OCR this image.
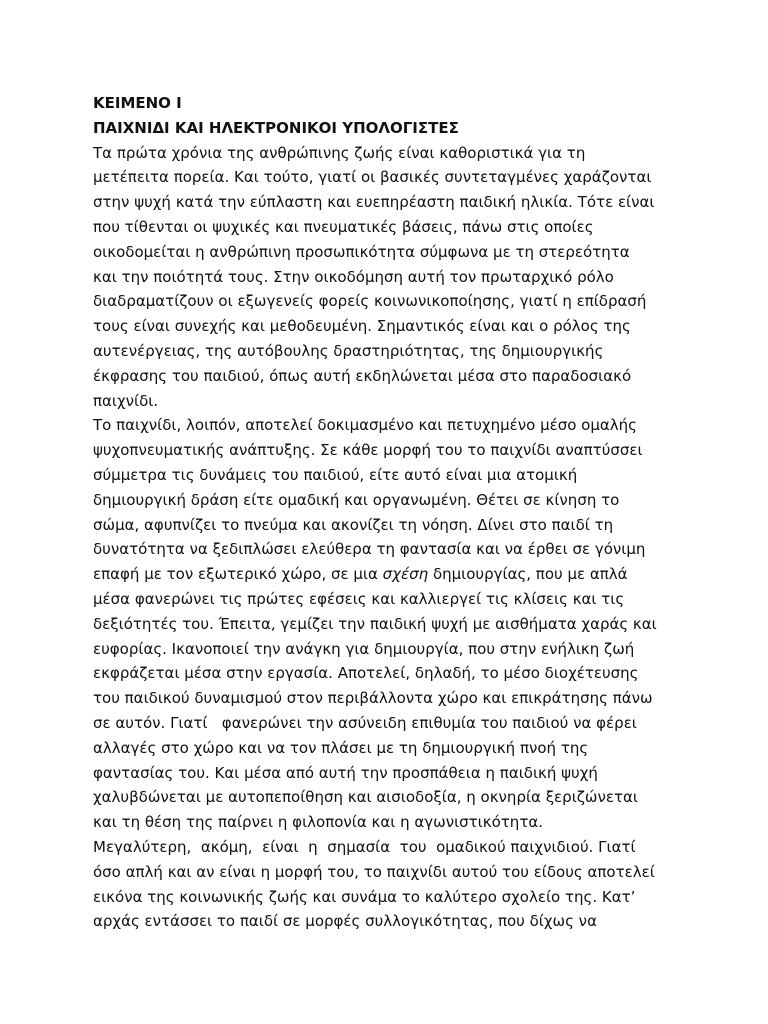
ΚΕΙΜΕΝΟ Ι
ΠΑΙΧΝΙΔΙ ΚΑΙ ΗΛΕΚΤΡΟΝΙΚΟΙ ΥΠΟΛΟΓΙΣΤΕΣ
Τα πρώτα χρόνια της ανθρώπινης ζωής είναι καθοριστικά για τη
μετέπειτα πορεία. Και τούτο, γιατί οι βασικές συντεταγμένες χαράζονται
στην ψυχή κατά την εύπλαστη και ευεπηρέαστη παιδική ηλικία. Τότε είναι
που τίθενται οι ψυχικές και πνευματικές βάσεις, πάνω στις οποίες
οικοδομείται η ανθρώπινη προσωπικότητα σύμφωνα με τη στερεότητα
και την ποιότητά τους. Στην οικοδόμηση αυτή τον πρωταρχικό ρόλο
διαδραματίζουν οι εξωγενείς φορείς κοινωνικοποίησης, γιατί η επίδρασή
τους είναι συνεχής και μεθοδευμένη. Σημαντικός είναι και ο ρόλος της
αυτενέργειας, της αυτόβουλης δραστηριότητας, της δημιουργικής
έκφρασης του παιδιού, όπως αυτή εκδηλώνεται μέσα στο παραδοσιακό
παιχνίδι.
Το παιχνίδι, λοιπόν, αποτελεί δοκιμασμένο και πετυχημένο μέσο ομαλής
ψυχοπνευματικής ανάπτυξης. Σε κάθε μορφή του το παιχνίδι αναπτύσσει
σύμμετρα τις δυνάμεις του παιδιού, είτε αυτό είναι μια ατομική
δημιουργική δράση είτε ομαδική και οργανωμένη. Θέτει σε κίνηση το
σώμα, αφυπνίζει το πνεύμα και ακονίζει τη νόηση. Δίνει στο παιδί τη
δυνατότητα να ξεδιπλώσει ελεύθερα τη φαντασία και να έρθει σε γόνιμη
επαφή με τον εξωτερικό χώρο, σε μια σχέση δημιουργίας, που με απλά
μέσα φανερώνει τις πρώτες εφέσεις και καλλιεργεί τις κλίσεις και τις
δεξιότητές του. Έπειτα, γεμίζει την παιδική ψυχή με αισθήματα χαράς και
ευφορίας. Ικανοποιεί την ανάγκη για δημιουργία, που στην ενήλικη ζωή
εκφράζεται μέσα στην εργασία. Αποτελεί, δηλαδή, το μέσο διοχέτευσης
του παιδικού δυναμισμού στον περιβάλλοντα χώρο και επικράτησης πάνω
σε αυτόν. Γιατί   φανερώνει την ασύνειδη επιθυμία του παιδιού να φέρει
αλλαγές στο χώρο και να τον πλάσει με τη δημιουργική πνοή της
φαντασίας του. Και μέσα από αυτή την προσπάθεια η παιδική ψυχή
χαλυβδώνεται με αυτοπεποίθηση και αισιοδοξία, η οκνηρία ξεριζώνεται
και τη θέση της παίρνει η φιλοπονία και η αγωνιστικότητα.
Μεγαλύτερη,  ακόμη,  είναι  η  σημασία  του  ομαδικού παιχνιδιού. Γιατί
όσο απλή και αν είναι η μορφή του, το παιχνίδι αυτού του είδους αποτελεί
εικόνα της κοινωνικής ζωής και συνάμα το καλύτερο σχολείο της. Κατ’
αρχάς εντάσσει το παιδί σε μορφές συλλογικότητας, που δίχως να
